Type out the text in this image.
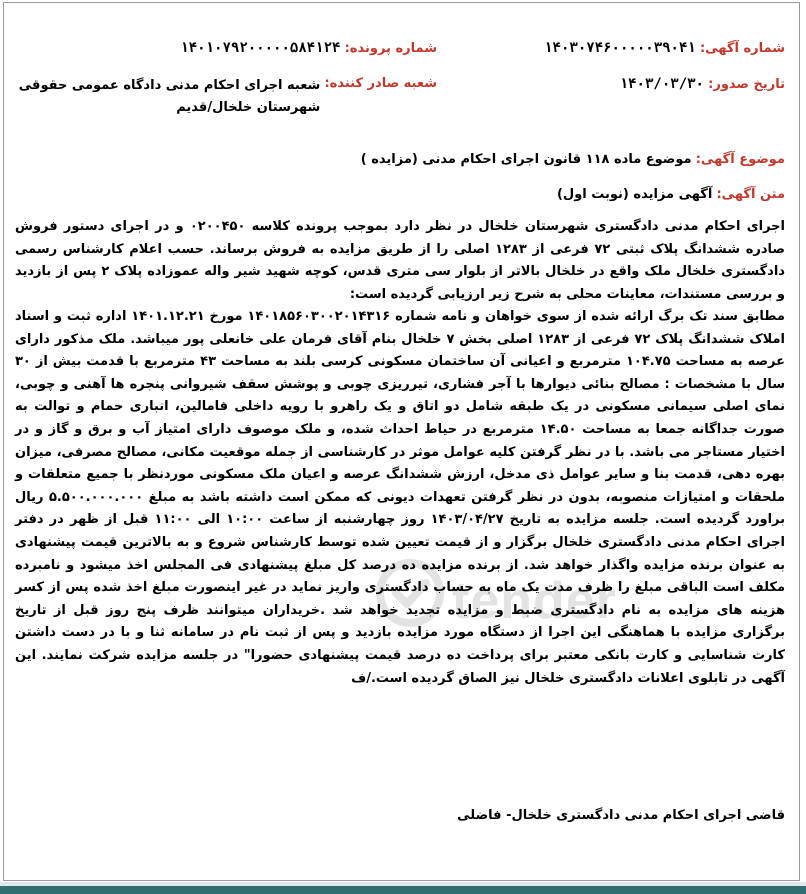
شماره آگهی: ۱۴۰۳۰۷۴۶۰۰۰۰۰۳۹۰۴۱
شماره پرونده: ۱۴۰۱۰۷۹۲۰۰۰۰۰۵۸۴۱۲۴
تاریخ صدور: ۱۴۰۳/۰۳/۳۰
شعبه صادر کننده: شعبه اجرای احکام مدنی دادگاه عمومی حقوقی شهرستان خلخال/قدیم
موضوع آگهی: موضوع ماده ۱۱۸ قانون اجرای احکام مدنی (مزایده )
متن آگهی: آگهی مزایده (نوبت اول)
tender
اجرای احکام مدنی دادگستری شهرستان خلخال در نظر دارد بموجب پرونده کلاسه ۰۲۰۰۴۵۰ و در اجرای دستور فروش صادره ششدانگ پلاک ثبتی ۷۲ فرعی از ۱۲۸۳ اصلی را از طریق مزایده به فروش برساند. حسب اعلام کارشناس رسمی دادگستری خلخال ملک واقع در خلخال بالاتر از بلوار سی متری قدس، کوچه شهید شیر واله عموزاده پلاک ۲ پس از بازدید و بررسی مستندات، معاینات محلی به شرح زیر ارزیابی گردیده است:
مطابق سند تک برگ ارائه شده از سوی خواهان و نامه شماره ۱۴۰۱۸۵۶۰۳۰۰۲۰۱۴۳۱۶ مورخ ۱۴۰۱.۱۲.۲۱ اداره ثبت و اسناد املاک ششدانگ پلاک ۷۲ فرعی از ۱۲۸۳ اصلی بخش ۷ خلخال بنام آقای فرمان علی خانعلی پور میباشد. ملک مذکور دارای عرصه به مساحت ۱۰۴.۷۵ مترمربع و اعیانی آن ساختمان مسکونی کرسی بلند به مساحت ۴۳ مترمربع با قدمت بیش از ۳۰ سال با مشخصات : مصالح بنائی دیوارها با آجر فشاری، تیرریزی چوبی و پوشش سقف شیروانی پنجره ها آهنی و چوبی، نمای اصلی سیمانی مسکونی در یک طبقه شامل دو اتاق و یک راهرو با رویه داخلی فامالین، انباری حمام و توالت به صورت جداگانه جمعا به مساحت ۱۴.۵۰ مترمربع در حیاط احداث شده، و ملک موصوف دارای امتیاز آب و برق و گاز و در اختیار مستاجر می باشد. با در نظر گرفتن کلیه عوامل موثر در کارشناسی از جمله موقعیت مکانی، مصالح مصرفی، میزان بهره دهی، قدمت بنا و سایر عوامل ذی مدخل، ارزش ششدانگ عرصه و اعیان ملک مسکونی موردنظر با جمیع متعلقات و ملحقات و امتیازات منصوبه، بدون در نظر گرفتن تعهدات دیونی که ممکن است داشته باشد به مبلغ ۵.۵۰۰.۰۰۰.۰۰۰ ریال براورد گردیده است. جلسه مزایده به تاریخ ۱۴۰۳/۰۴/۲۷ روز چهارشنبه از ساعت ۱۰:۰۰ الی ۱۱:۰۰ قبل از ظهر در دفتر اجرای احکام مدنی دادگستری خلخال برگزار و از قیمت تعیین شده توسط کارشناس شروع و به بالاترین قیمت پیشنهادی به عنوان برنده مزایده واگذار خواهد شد. از برنده مزایده ده درصد کل مبلغ پیشنهادی فی المجلس اخذ میشود و نامبرده مکلف است الباقی مبلغ را ظرف مدت یک ماه به حساب دادگستری واریز نماید در غیر اینصورت مبلغ اخذ شده پس از کسر هزینه های مزایده به نام دادگستری ضبط و مزایده تجدید خواهد شد .خریداران میتوانند ظرف پنج روز قبل از تاریخ برگزاری مزایده با هماهنگی این اجرا از دستگاه مورد مزایده بازدید و پس از ثبت نام در سامانه ثنا و با در دست داشتن کارت شناسایی و کارت بانکی معتبر برای پرداخت ده درصد قیمت پیشنهادی حضورا" در جلسه مزایده شرکت نمایند. این آگهی در تابلوی اعلانات دادگستری خلخال نیز الصاق گردیده است./ف
قاضی اجرای احکام مدنی دادگستری خلخال- فاضلی
